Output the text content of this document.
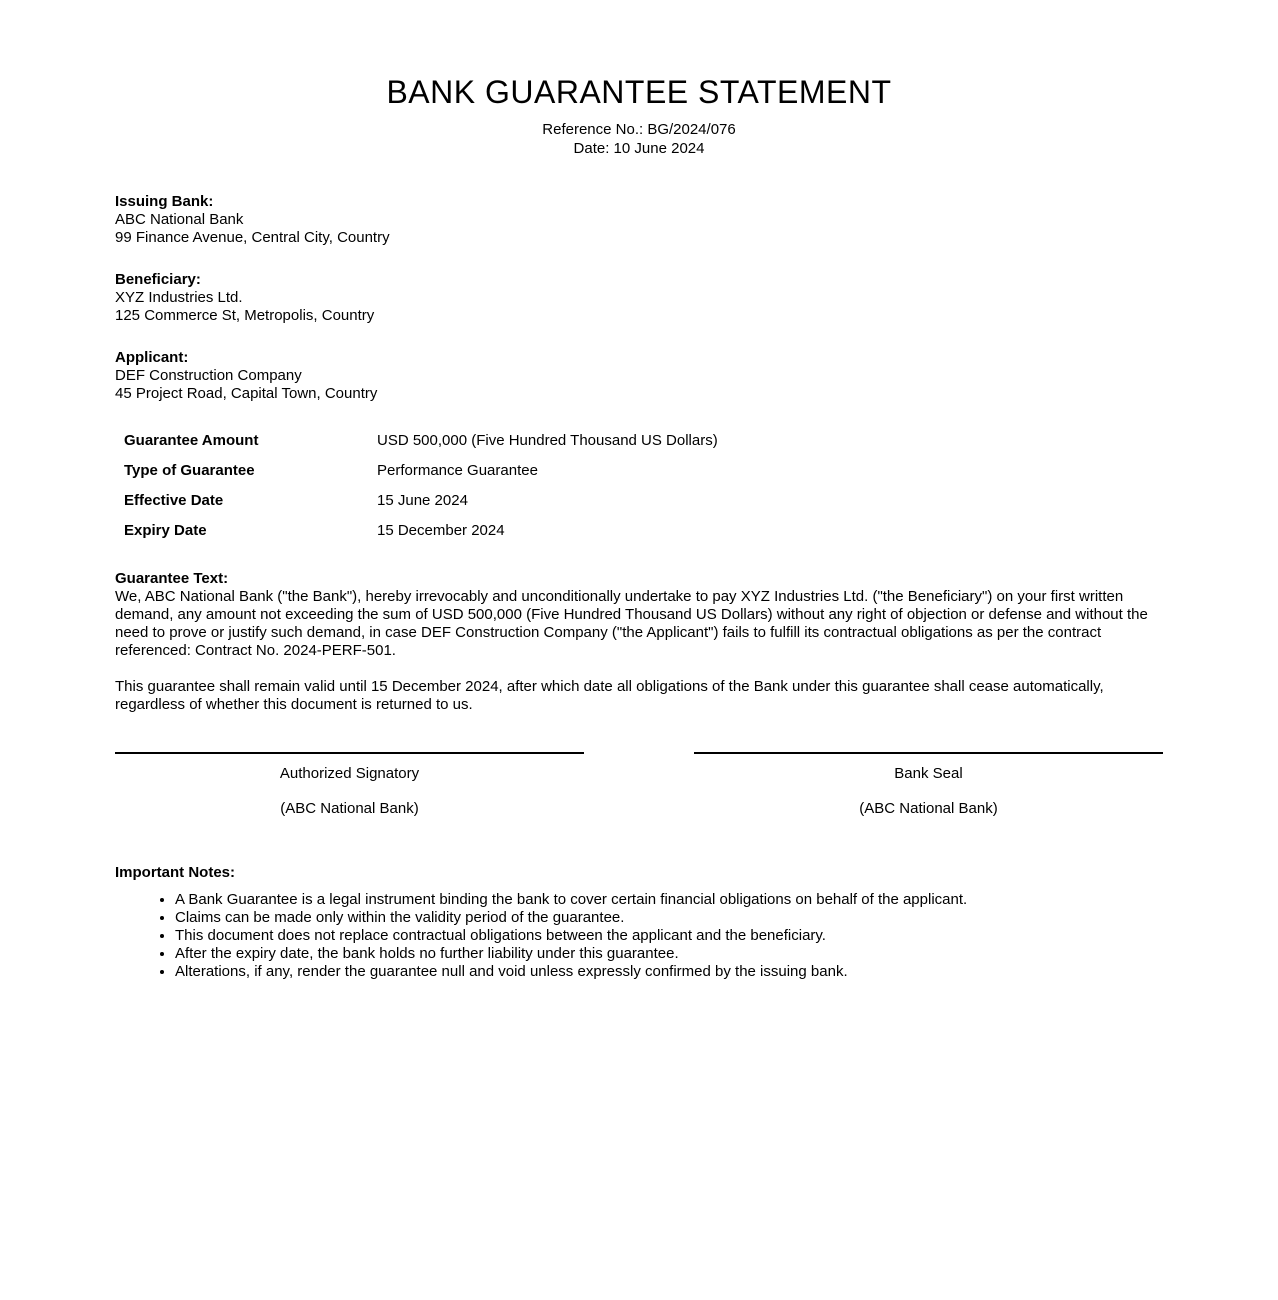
BANK GUARANTEE STATEMENT
Reference No.: BG/2024/076
Date: 10 June 2024
Issuing Bank:
ABC National Bank
99 Finance Avenue, Central City, Country
Beneficiary:
XYZ Industries Ltd.
125 Commerce St, Metropolis, Country
Applicant:
DEF Construction Company
45 Project Road, Capital Town, Country
Guarantee Amount	USD 500,000 (Five Hundred Thousand US Dollars)
Type of Guarantee	Performance Guarantee
Effective Date	15 June 2024
Expiry Date	15 December 2024
Guarantee Text:

We, ABC National Bank ("the Bank"), hereby irrevocably and unconditionally undertake to pay XYZ Industries Ltd. ("the Beneficiary") on your first written demand, any amount not exceeding the sum of USD 500,000 (Five Hundred Thousand US Dollars) without any right of objection or defense and without the need to prove or justify such demand, in case DEF Construction Company ("the Applicant") fails to fulfill its contractual obligations as per the contract referenced: Contract No. 2024-PERF-501.

This guarantee shall remain valid until 15 December 2024, after which date all obligations of the Bank under this guarantee shall cease automatically, regardless of whether this document is returned to us.

Authorized Signatory
(ABC National Bank)
Bank Seal
(ABC National Bank)
Important Notes:
• A Bank Guarantee is a legal instrument binding the bank to cover certain financial obligations on behalf of the applicant.
• Claims can be made only within the validity period of the guarantee.
• This document does not replace contractual obligations between the applicant and the beneficiary.
• After the expiry date, the bank holds no further liability under this guarantee.
• Alterations, if any, render the guarantee null and void unless expressly confirmed by the issuing bank.
